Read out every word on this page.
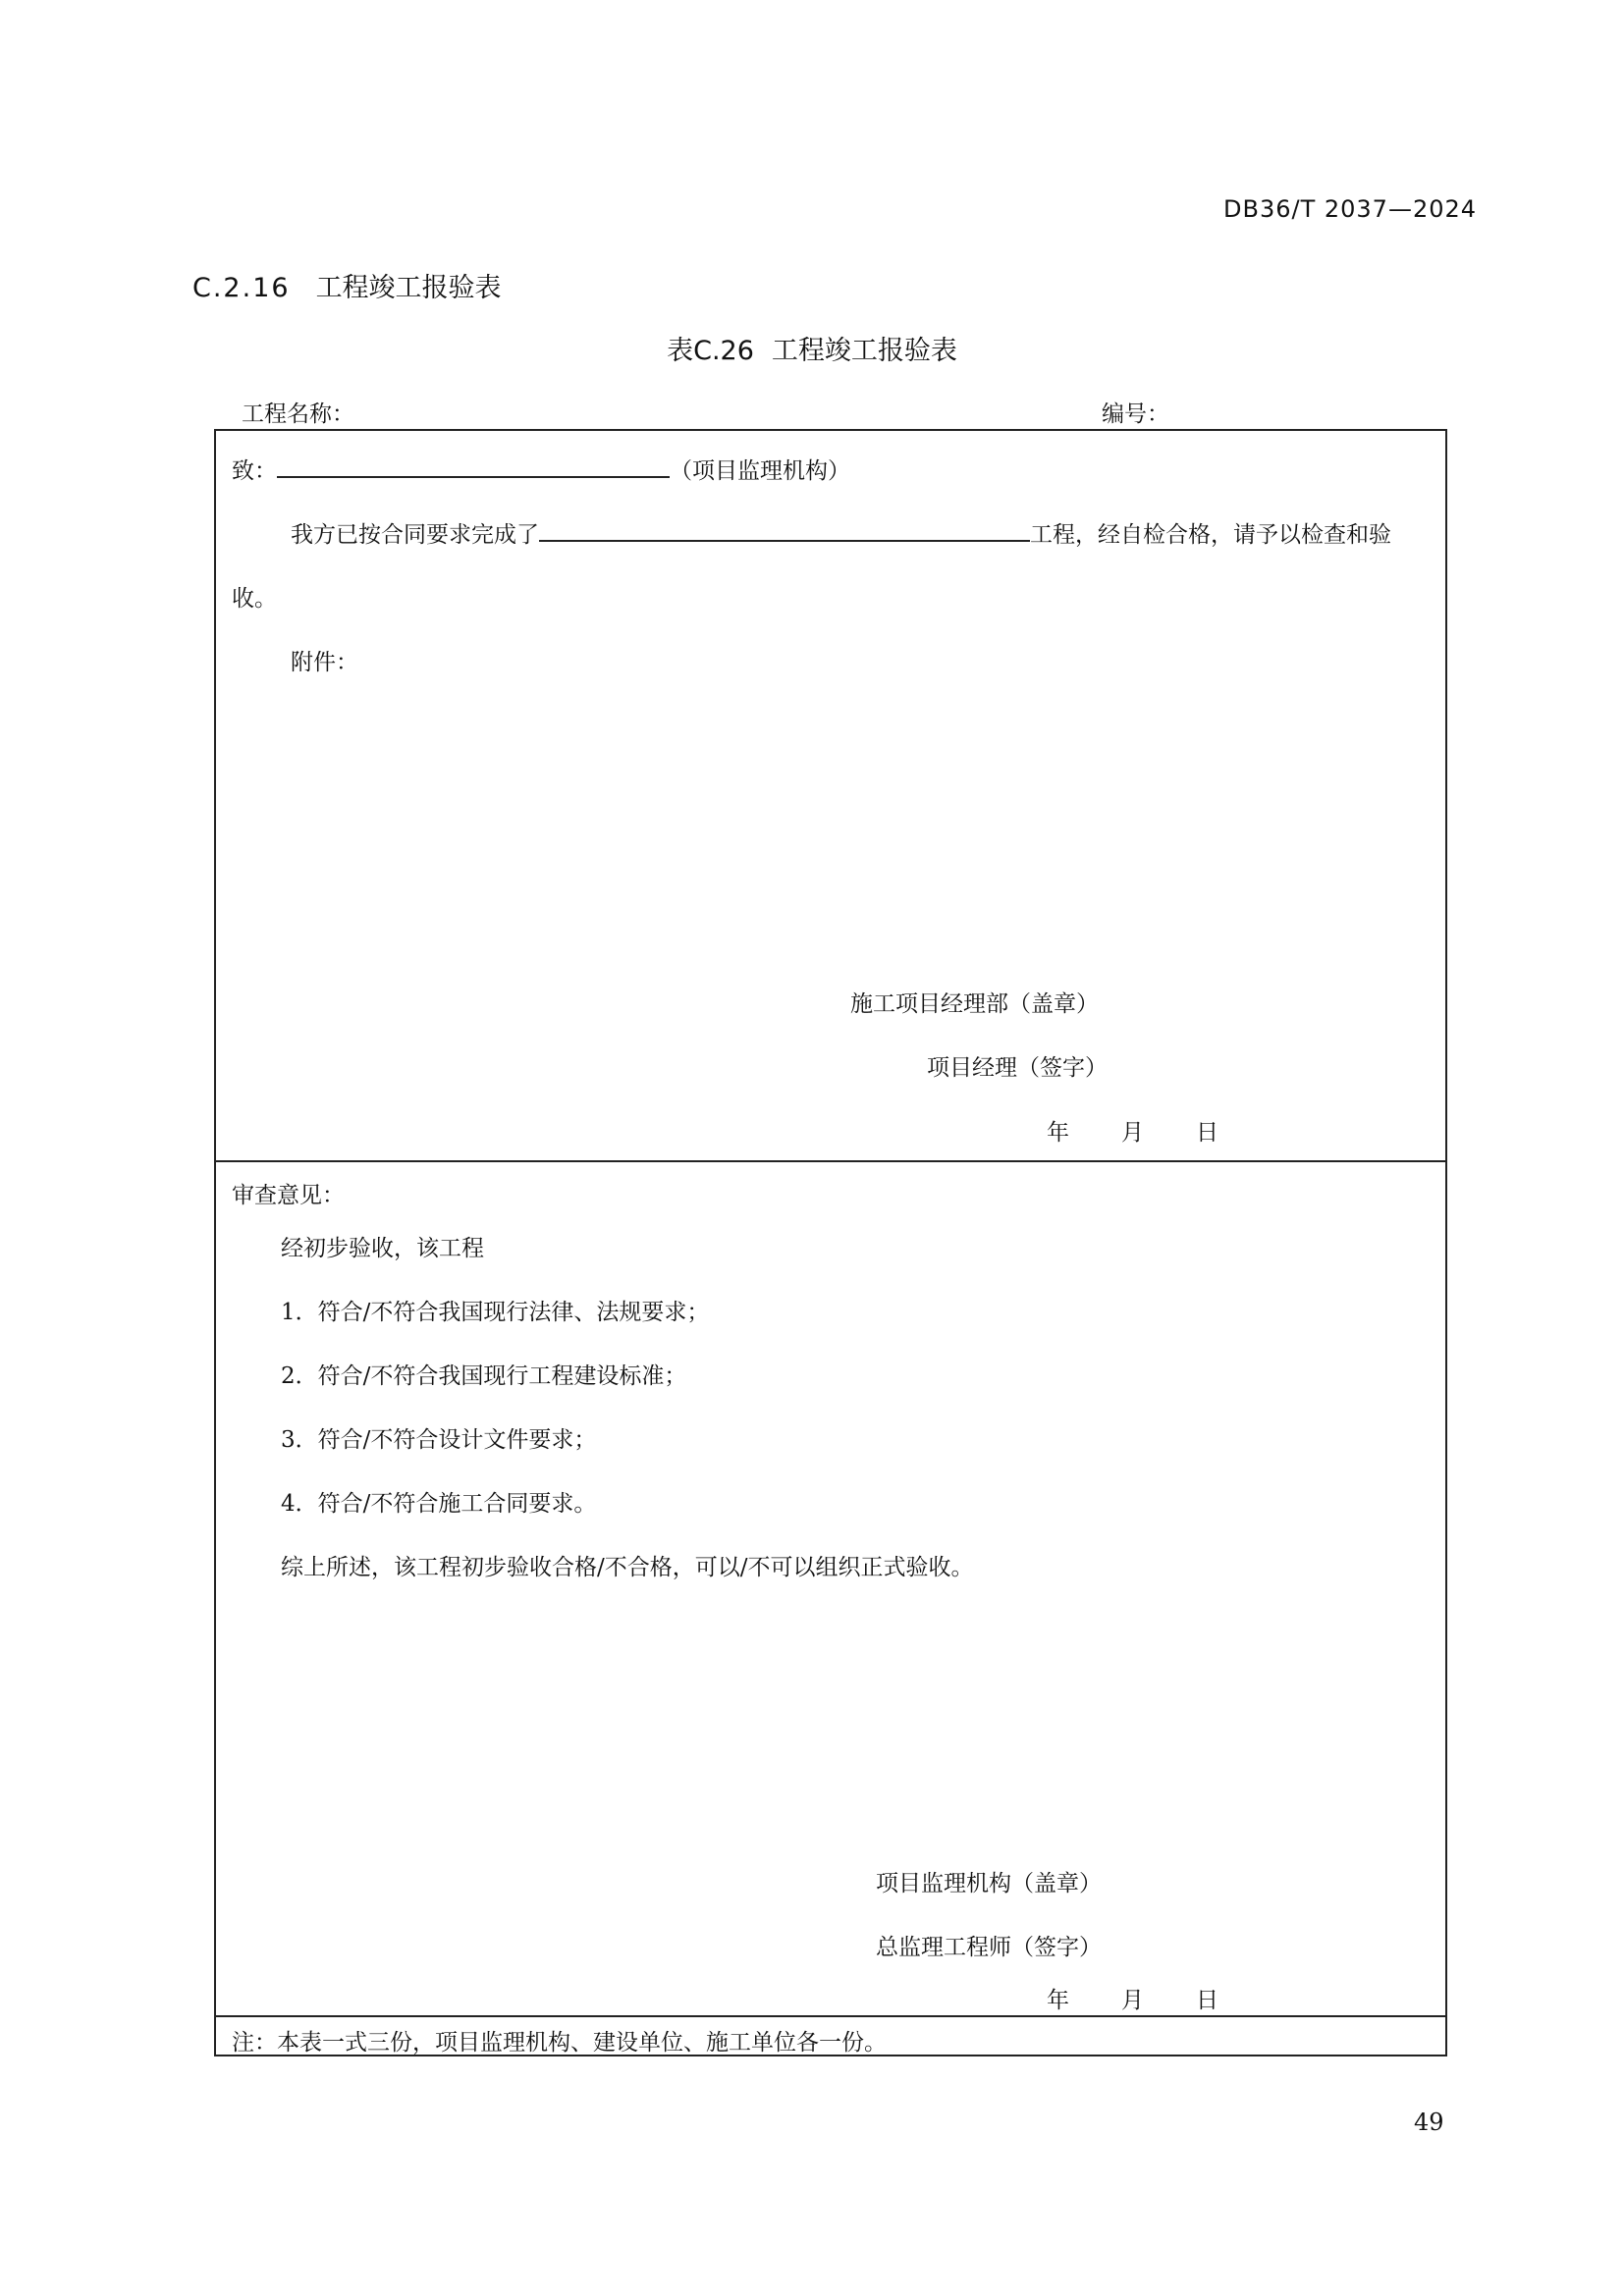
DB36/T 2037—2024
C.2.16 工程竣工报验表
表C.26 工程竣工报验表
工程名称：	编号：
致：	（项目监理机构）
我方已按合同要求完成了	工程，经自检合格，请予以检查和验
收。
附件：
施工项目经理部（盖章）
项目经理（签字）
年 月 日
审查意见：
经初步验收，该工程
1．符合/不符合我国现行法律、法规要求；
2．符合/不符合我国现行工程建设标准；
3．符合/不符合设计文件要求；
4．符合/不符合施工合同要求。
综上所述，该工程初步验收合格/不合格，可以/不可以组织正式验收。
项目监理机构（盖章）
总监理工程师（签字）
年 月 日
注：本表一式三份，项目监理机构、建设单位、施工单位各一份。
49
